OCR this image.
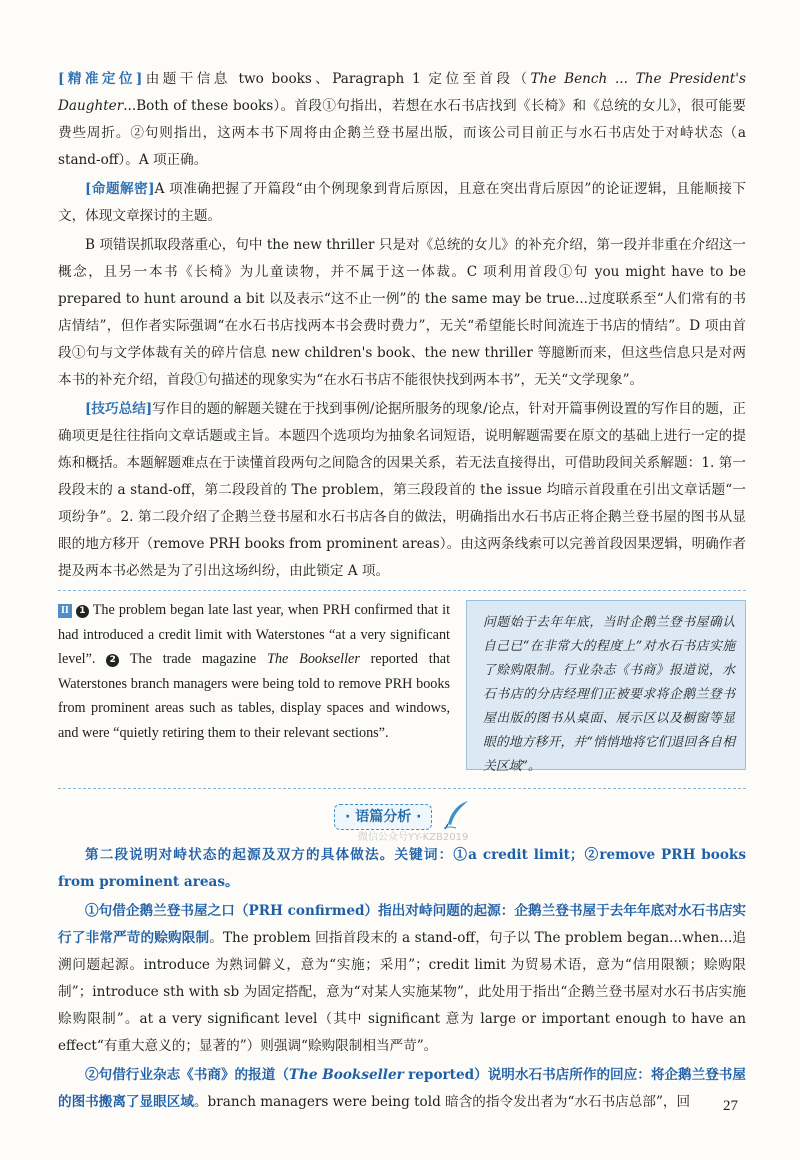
[精准定位]由题干信息 two books、Paragraph 1 定位至首段（The Bench ... The President's Daughter...Both of these books）。首段①句指出，若想在水石书店找到《长椅》和《总统的女儿》，很可能要费些周折。②句则指出，这两本书下周将由企鹅兰登书屋出版，而该公司目前正与水石书店处于对峙状态（a stand-off）。A 项正确。

[命题解密]A 项准确把握了开篇段“由个例现象到背后原因，且意在突出背后原因”的论证逻辑，且能顺接下文，体现文章探讨的主题。

B 项错误抓取段落重心，句中 the new thriller 只是对《总统的女儿》的补充介绍，第一段并非重在介绍这一概念，且另一本书《长椅》为儿童读物，并不属于这一体裁。C 项利用首段①句 you might have to be prepared to hunt around a bit 以及表示“这不止一例”的 the same may be true...过度联系至“人们常有的书店情结”，但作者实际强调“在水石书店找两本书会费时费力”，无关“希望能长时间流连于书店的情结”。D 项由首段①句与文学体裁有关的碎片信息 new children's book、the new thriller 等臆断而来，但这些信息只是对两本书的补充介绍，首段①句描述的现象实为“在水石书店不能很快找到两本书”，无关“文学现象”。

[技巧总结]写作目的题的解题关键在于找到事例/论据所服务的现象/论点，针对开篇事例设置的写作目的题，正确项更是往往指向文章话题或主旨。本题四个选项均为抽象名词短语，说明解题需要在原文的基础上进行一定的提炼和概括。本题解题难点在于读懂首段两句之间隐含的因果关系，若无法直接得出，可借助段间关系解题：1. 第一段段末的 a stand-off，第二段段首的 The problem，第三段段首的 the issue 均暗示首段重在引出文章话题“一项纷争”。2. 第二段介绍了企鹅兰登书屋和水石书店各自的做法，明确指出水石书店正将企鹅兰登书屋的图书从显眼的地方移开（remove PRH books from prominent areas）。由这两条线索可以完善首段因果逻辑，明确作者提及两本书必然是为了引出这场纠纷，由此锁定 A 项。

II 1 The problem began late last year, when PRH confirmed that it had introduced a credit limit with Waterstones “at a very significant level”. 2 The trade magazine The Bookseller reported that Waterstones branch managers were being told to remove PRH books from prominent areas such as tables, display spaces and windows, and were “quietly retiring them to their relevant sections”.

问题始于去年年底，当时企鹅兰登书屋确认自己已“在非常大的程度上”对水石书店实施了赊购限制。行业杂志《书商》报道说，水石书店的分店经理们正被要求将企鹅兰登书屋出版的图书从桌面、展示区以及橱窗等显眼的地方移开，并“悄悄地将它们退回各自相关区域”。

· 语篇分析 ·
微信公众号YY-KZB2019

第二段说明对峙状态的起源及双方的具体做法。关键词：①a credit limit；②remove PRH books from prominent areas。

①句借企鹅兰登书屋之口（PRH confirmed）指出对峙问题的起源：企鹅兰登书屋于去年年底对水石书店实行了非常严苛的赊购限制。The problem 回指首段末的 a stand-off，句子以 The problem began...when...追溯问题起源。introduce 为熟词僻义，意为“实施；采用”；credit limit 为贸易术语，意为“信用限额；赊购限制”；introduce sth with sb 为固定搭配，意为“对某人实施某物”，此处用于指出“企鹅兰登书屋对水石书店实施赊购限制”。at a very significant level（其中 significant 意为 large or important enough to have an effect“有重大意义的；显著的”）则强调“赊购限制相当严苛”。

②句借行业杂志《书商》的报道（The Bookseller reported）说明水石书店所作的回应：将企鹅兰登书屋的图书搬离了显眼区域。branch managers were being told 暗含的指令发出者为“水石书店总部”，回	27
